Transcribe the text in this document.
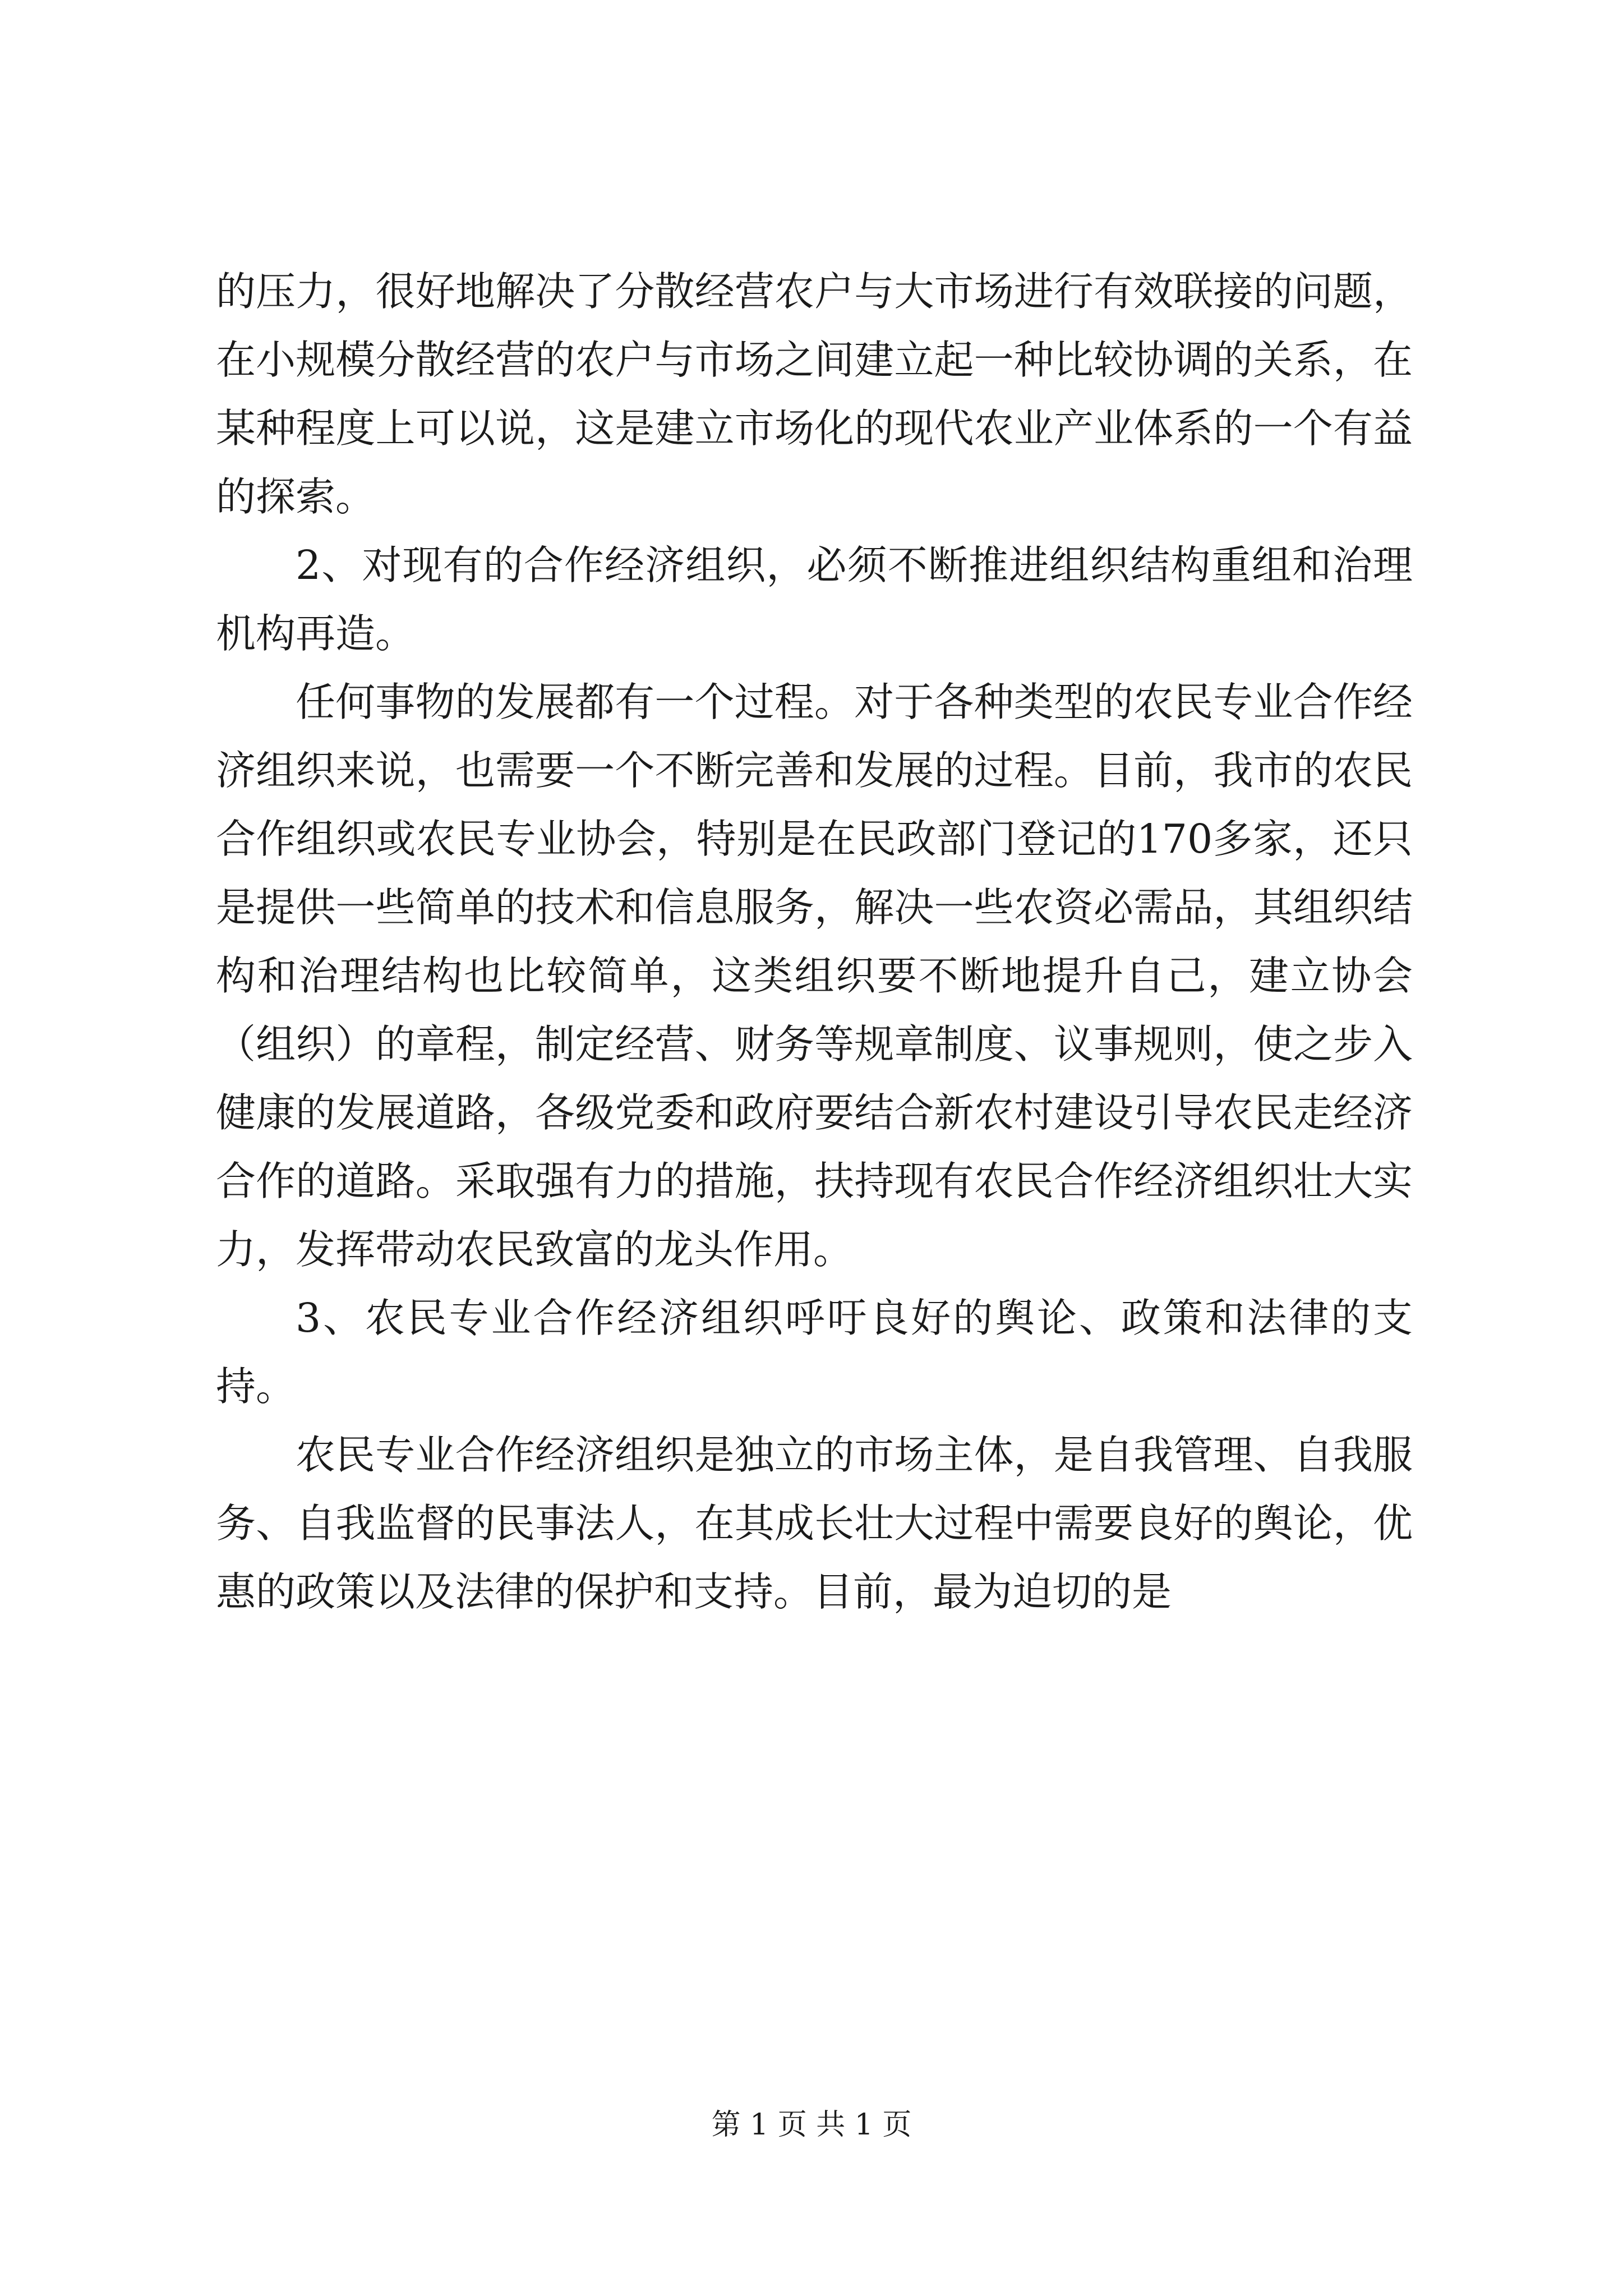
的压力，很好地解决了分散经营农户与大市场进行有效联接的问题，在小规模分散经营的农户与市场之间建立起一种比较协调的关系，在某种程度上可以说，这是建立市场化的现代农业产业体系的一个有益的探索。

2、对现有的合作经济组织，必须不断推进组织结构重组和治理机构再造。

任何事物的发展都有一个过程。对于各种类型的农民专业合作经济组织来说，也需要一个不断完善和发展的过程。目前，我市的农民合作组织或农民专业协会，特别是在民政部门登记的170多家，还只是提供一些简单的技术和信息服务，解决一些农资必需品，其组织结构和治理结构也比较简单，这类组织要不断地提升自己，建立协会（组织）的章程，制定经营、财务等规章制度、议事规则，使之步入健康的发展道路，各级党委和政府要结合新农村建设引导农民走经济合作的道路。采取强有力的措施，扶持现有农民合作经济组织壮大实力，发挥带动农民致富的龙头作用。

3、农民专业合作经济组织呼吁良好的舆论、政策和法律的支持。

农民专业合作经济组织是独立的市场主体，是自我管理、自我服务、自我监督的民事法人，在其成长壮大过程中需要良好的舆论，优惠的政策以及法律的保护和支持。目前，最为迫切的是

第 1 页 共 1 页
